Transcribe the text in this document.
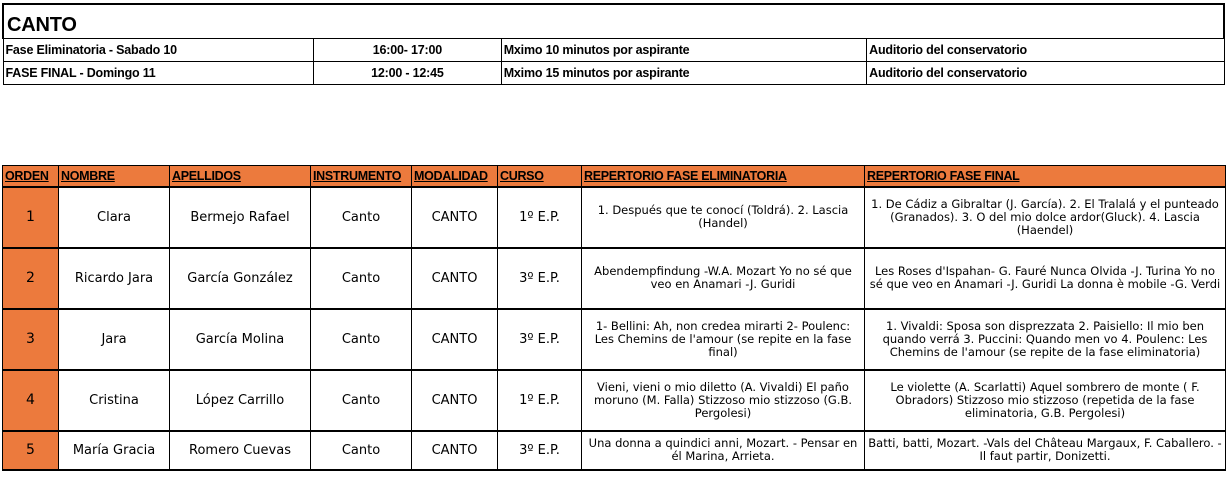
CANTO			
Fase Eliminatoria - Sabado 10	16:00- 17:00	Mximo 10 minutos por aspirante	Auditorio del conservatorio
FASE FINAL - Domingo 11	12:00 - 12:45	Mximo 15 minutos por aspirante	Auditorio del conservatorio
ORDEN	NOMBRE	APELLIDOS	INSTRUMENTO	MODALIDAD	CURSO	REPERTORIO FASE ELIMINATORIA	REPERTORIO FASE FINAL
1	Clara	Bermejo Rafael	Canto	CANTO	1º E.P.	1. Después que te conocí (Toldrá). 2. Lascia (Handel)	1. De Cádiz a Gibraltar (J. García). 2. El Tralalá y el punteado (Granados). 3. O del mio dolce ardor(Gluck). 4. Lascia (Haendel)
2	Ricardo Jara	García González	Canto	CANTO	3º E.P.	Abendempfindung -W.A. Mozart Yo no sé que veo en Anamari -J. Guridi	Les Roses d'Ispahan- G. Fauré Nunca Olvida -J. Turina Yo no sé que veo en Anamari -J. Guridi La donna è mobile -G. Verdi
3	Jara	García Molina	Canto	CANTO	3º E.P.	1- Bellini: Ah, non credea mirarti 2- Poulenc: Les Chemins de l'amour (se repite en la fase final)	1. Vivaldi: Sposa son disprezzata 2. Paisiello: Il mio ben quando verrá 3. Puccini: Quando men vo 4. Poulenc: Les Chemins de l'amour (se repite de la fase eliminatoria)
4	Cristina	López Carrillo	Canto	CANTO	1º E.P.	Vieni, vieni o mio diletto (A. Vivaldi) El paño moruno (M. Falla) Stizzoso mio stizzoso (G.B. Pergolesi)	Le violette (A. Scarlatti) Aquel sombrero de monte ( F. Obradors) Stizzoso mio stizzoso (repetida de la fase eliminatoria, G.B. Pergolesi)
5	María Gracia	Romero Cuevas	Canto	CANTO	3º E.P.	Una donna a quindici anni, Mozart. - Pensar en él Marina, Arrieta.	Batti, batti, Mozart. -Vals del Château Margaux, F. Caballero. -Il faut partir, Donizetti.
